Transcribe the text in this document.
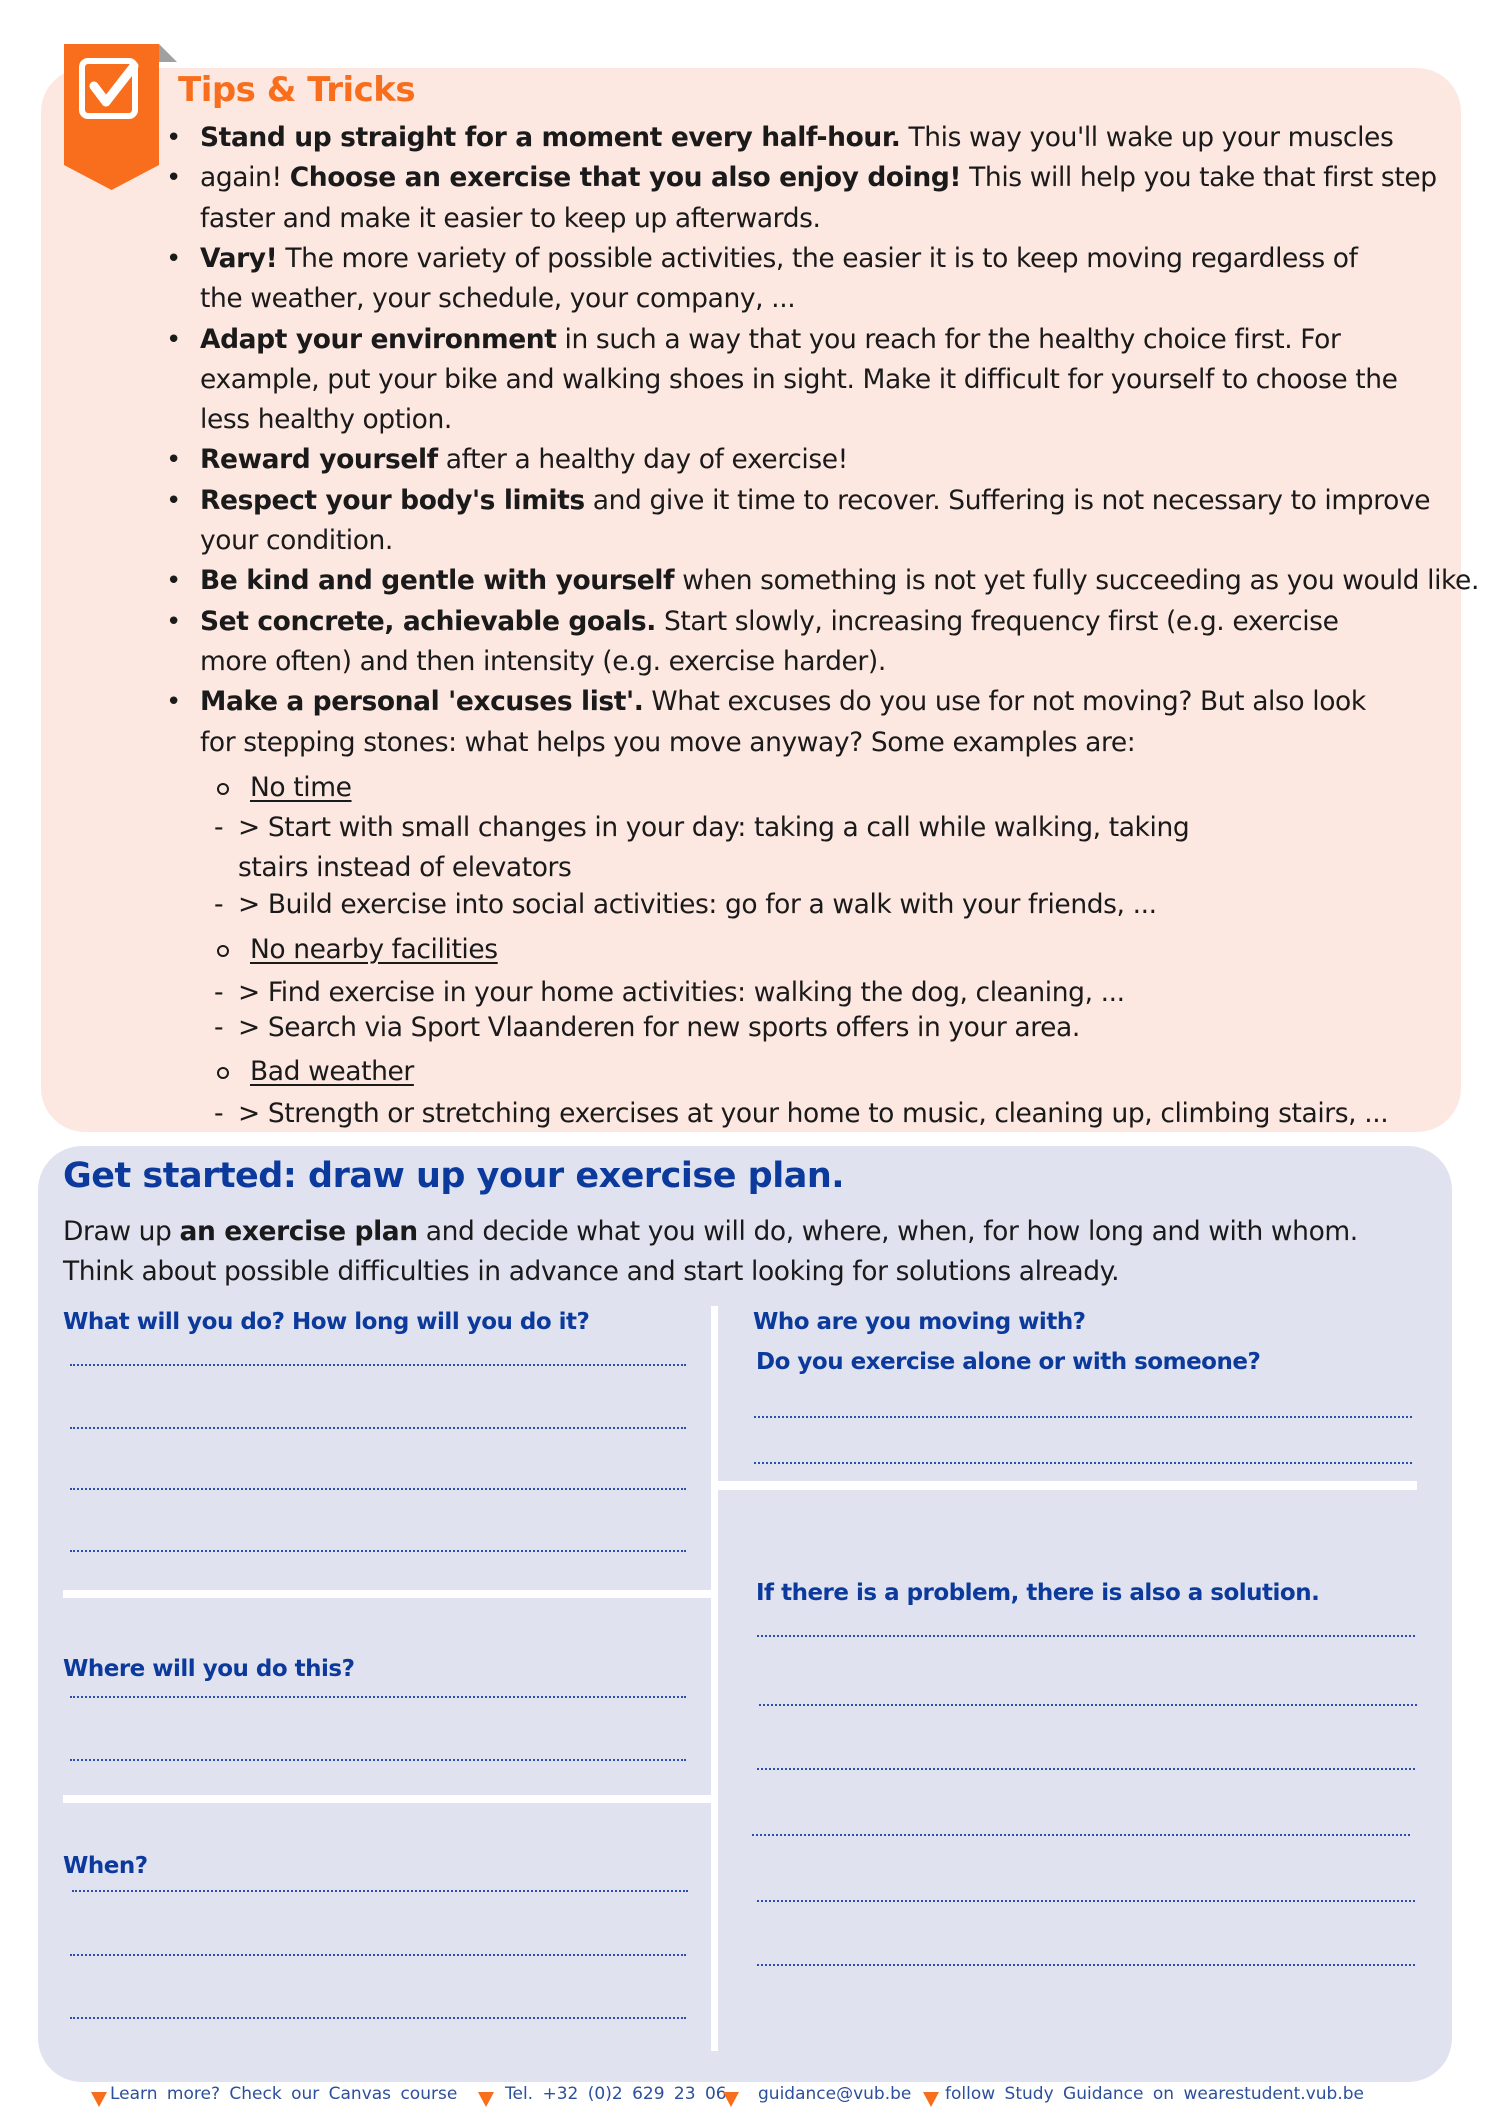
Tips & Tricks
• Stand up straight for a moment every half-hour. This way you'll wake up your muscles
• again! Choose an exercise that you also enjoy doing! This will help you take that first step
faster and make it easier to keep up afterwards.
• Vary! The more variety of possible activities, the easier it is to keep moving regardless of
the weather, your schedule, your company, ...
• Adapt your environment in such a way that you reach for the healthy choice first. For
example, put your bike and walking shoes in sight. Make it difficult for yourself to choose the
less healthy option.
• Reward yourself after a healthy day of exercise!
• Respect your body's limits and give it time to recover. Suffering is not necessary to improve
your condition.
• Be kind and gentle with yourself when something is not yet fully succeeding as you would like.
• Set concrete, achievable goals. Start slowly, increasing frequency first (e.g. exercise
more often) and then intensity (e.g. exercise harder).
• Make a personal 'excuses list'. What excuses do you use for not moving? But also look
for stepping stones: what helps you move anyway? Some examples are:
No time
- > Start with small changes in your day: taking a call while walking, taking
stairs instead of elevators
- > Build exercise into social activities: go for a walk with your friends, ...
No nearby facilities
- > Find exercise in your home activities: walking the dog, cleaning, ...
- > Search via Sport Vlaanderen for new sports offers in your area.
Bad weather
- > Strength or stretching exercises at your home to music, cleaning up, climbing stairs, ...
Get started: draw up your exercise plan.
Draw up an exercise plan and decide what you will do, where, when, for how long and with whom.
Think about possible difficulties in advance and start looking for solutions already.
What will you do? How long will you do it?
Where will you do this?
When?
Who are you moving with?
Do you exercise alone or with someone?
If there is a problem, there is also a solution.
Learn more? Check our Canvas course	Tel. +32 (0)2 629 23 06 guidance@vub.be follow Study Guidance on wearestudent.vub.be
